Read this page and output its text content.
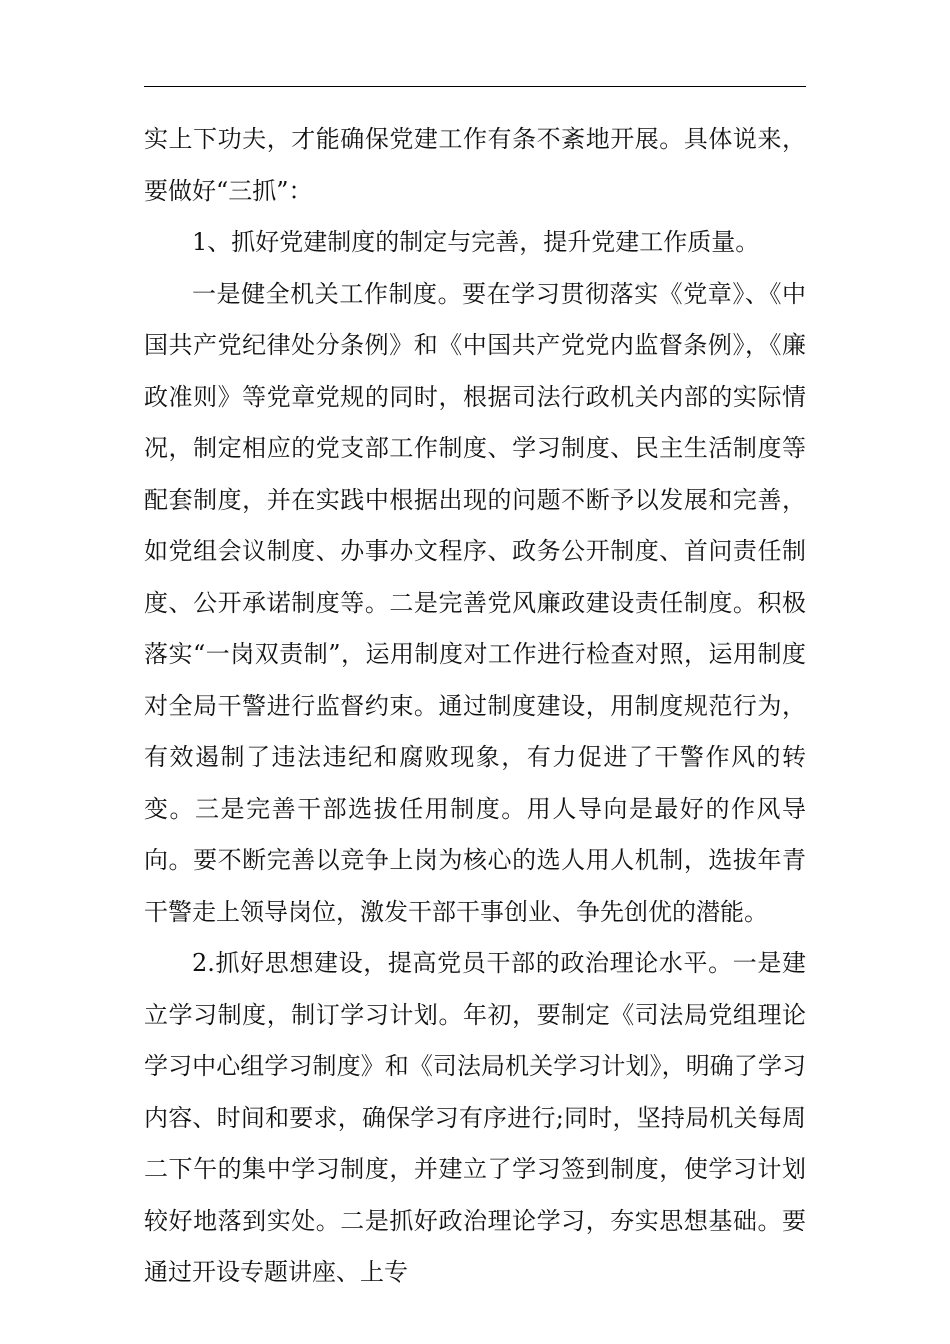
实上下功夫，才能确保党建工作有条不紊地开展。具体说来，要做好“三抓”：

1、抓好党建制度的制定与完善，提升党建工作质量。

一是健全机关工作制度。要在学习贯彻落实《党章》、《中国共产党纪律处分条例》和《中国共产党党内监督条例》，《廉政准则》等党章党规的同时，根据司法行政机关内部的实际情况，制定相应的党支部工作制度、学习制度、民主生活制度等配套制度，并在实践中根据出现的问题不断予以发展和完善，如党组会议制度、办事办文程序、政务公开制度、首问责任制度、公开承诺制度等。二是完善党风廉政建设责任制度。积极落实“一岗双责制”，运用制度对工作进行检查对照，运用制度对全局干警进行监督约束。通过制度建设，用制度规范行为，有效遏制了违法违纪和腐败现象，有力促进了干警作风的转变。三是完善干部选拔任用制度。用人导向是最好的作风导向。要不断完善以竞争上岗为核心的选人用人机制，选拔年青干警走上领导岗位，激发干部干事创业、争先创优的潜能。

2.抓好思想建设，提高党员干部的政治理论水平。一是建立学习制度，制订学习计划。年初，要制定《司法局党组理论学习中心组学习制度》和《司法局机关学习计划》，明确了学习内容、时间和要求，确保学习有序进行;同时，坚持局机关每周二下午的集中学习制度，并建立了学习签到制度，使学习计划较好地落到实处。二是抓好政治理论学习，夯实思想基础。要通过开设专题讲座、上专
